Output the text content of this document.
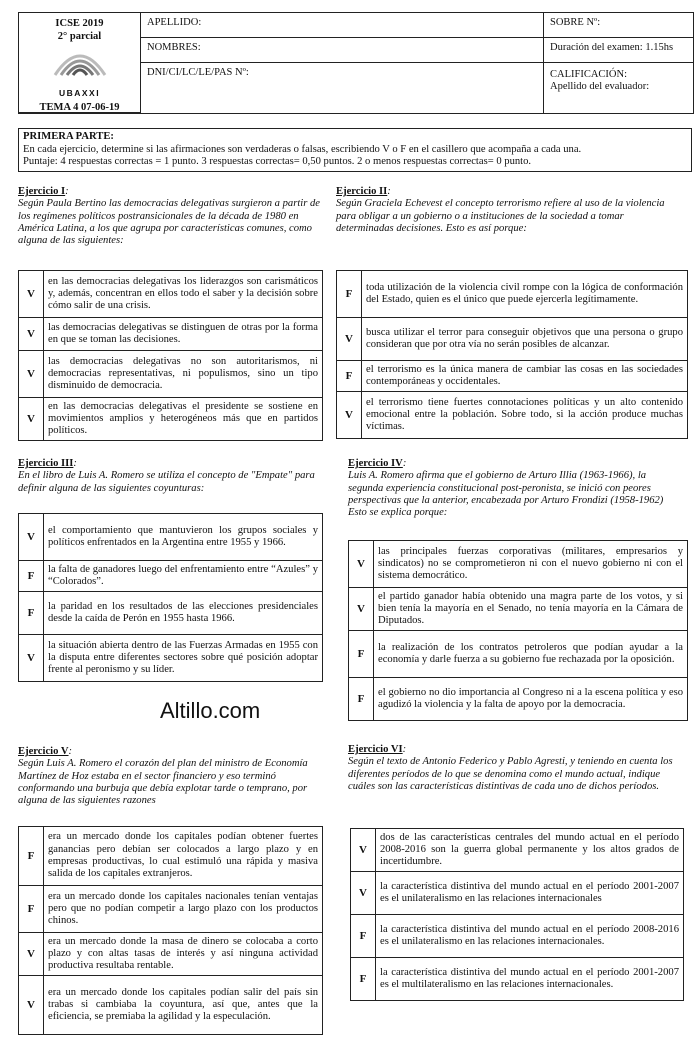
ICSE 2019
2° parcial
UBAXXI
TEMA 4 07-06-19
APELLIDO:
NOMBRES:
DNI/CI/LC/LE/PAS Nº:
SOBRE Nº:
Duración del examen: 1.15hs
CALIFICACIÓN:
Apellido del evaluador:
PRIMERA PARTE:
En cada ejercicio, determine si las afirmaciones son verdaderas o falsas, escribiendo V o F en el casillero que acompaña a cada una.
Puntaje: 4 respuestas correctas = 1 punto. 3 respuestas correctas= 0,50 puntos. 2 o menos respuestas correctas= 0 punto.
Ejercicio I:
Según Paula Bertino las democracias delegativas surgieron a partir de los regímenes políticos postransicionales de la década de 1980 en América Latina, a los que agrupa por características comunes, como alguna de las siguientes:
V	en las democracias delegativas los liderazgos son carismáticos y, además, concentran en ellos todo el saber y la decisión sobre cómo salir de una crisis.
V	las democracias delegativas se distinguen de otras por la forma en que se toman las decisiones.
V	las democracias delegativas no son autoritarismos, ni democracias representativas, ni populismos, sino un tipo disminuido de democracia.
V	en las democracias delegativas el presidente se sostiene en movimientos amplios y heterogéneos más que en partidos políticos.
Ejercicio II:
Según Graciela Echevest el concepto terrorismo refiere al uso de la violencia para obligar a un gobierno o a instituciones de la sociedad a tomar determinadas decisiones. Esto es así porque:
F	toda utilización de la violencia civil rompe con la lógica de conformación del Estado, quien es el único que puede ejercerla legítimamente.
V	busca utilizar el terror para conseguir objetivos que una persona o grupo consideran que por otra vía no serán posibles de alcanzar.
F	el terrorismo es la única manera de cambiar las cosas en las sociedades contemporáneas y occidentales.
V	el terrorismo tiene fuertes connotaciones políticas y un alto contenido emocional entre la población. Sobre todo, si la acción produce muchas víctimas.
Ejercicio III:
En el libro de Luis A. Romero se utiliza el concepto de "Empate" para definir alguna de las siguientes coyunturas:
V	el comportamiento que mantuvieron los grupos sociales y políticos enfrentados en la Argentina entre 1955 y 1966.
F	la falta de ganadores luego del enfrentamiento entre “Azules” y “Colorados”.
F	la paridad en los resultados de las elecciones presidenciales desde la caída de Perón en 1955 hasta 1966.
V	la situación abierta dentro de las Fuerzas Armadas en 1955 con la disputa entre diferentes sectores sobre qué posición adoptar frente al peronismo y su líder.
Ejercicio IV:
Luis A. Romero afirma que el gobierno de Arturo Illia (1963-1966), la segunda experiencia constitucional post-peronista, se inició con peores perspectivas que la anterior, encabezada por Arturo Frondizi (1958-1962) Esto se explica porque:
V	las principales fuerzas corporativas (militares, empresarios y sindicatos) no se comprometieron ni con el nuevo gobierno ni con el sistema democrático.
V	el partido ganador había obtenido una magra parte de los votos, y si bien tenía la mayoría en el Senado, no tenía mayoría en la Cámara de Diputados.
F	la realización de los contratos petroleros que podían ayudar a la economía y darle fuerza a su gobierno fue rechazada por la oposición.
F	el gobierno no dio importancia al Congreso ni a la escena política y eso agudizó la violencia y la falta de apoyo por la democracia.
Altillo.com
Ejercicio V:
Según Luis A. Romero el corazón del plan del ministro de Economía Martínez de Hoz estaba en el sector financiero y eso terminó conformando una burbuja que debía explotar tarde o temprano, por alguna de las siguientes razones
F	era un mercado donde los capitales podían obtener fuertes ganancias pero debían ser colocados a largo plazo y en empresas productivas, lo cual estimuló una rápida y masiva salida de los capitales extranjeros.
F	era un mercado donde los capitales nacionales tenían ventajas pero que no podían competir a largo plazo con los productos chinos.
V	era un mercado donde la masa de dinero se colocaba a corto plazo y con altas tasas de interés y así ninguna actividad productiva resultaba rentable.
V	era un mercado donde los capitales podían salir del país sin trabas si cambiaba la coyuntura, así que, antes que la eficiencia, se premiaba la agilidad y la especulación.
Ejercicio VI:
Según el texto de Antonio Federico y Pablo Agresti, y teniendo en cuenta los diferentes períodos de lo que se denomina como el mundo actual, indique cuáles son las características distintivas de cada uno de dichos períodos.
V	dos de las características centrales del mundo actual en el período 2008-2016 son la guerra global permanente y los altos grados de incertidumbre.
V	la característica distintiva del mundo actual en el período 2001-2007 es el unilateralismo en las relaciones internacionales
F	la característica distintiva del mundo actual en el período 2008-2016 es el unilateralismo en las relaciones internacionales.
F	la característica distintiva del mundo actual en el período 2001-2007 es el multilateralismo en las relaciones internacionales.
